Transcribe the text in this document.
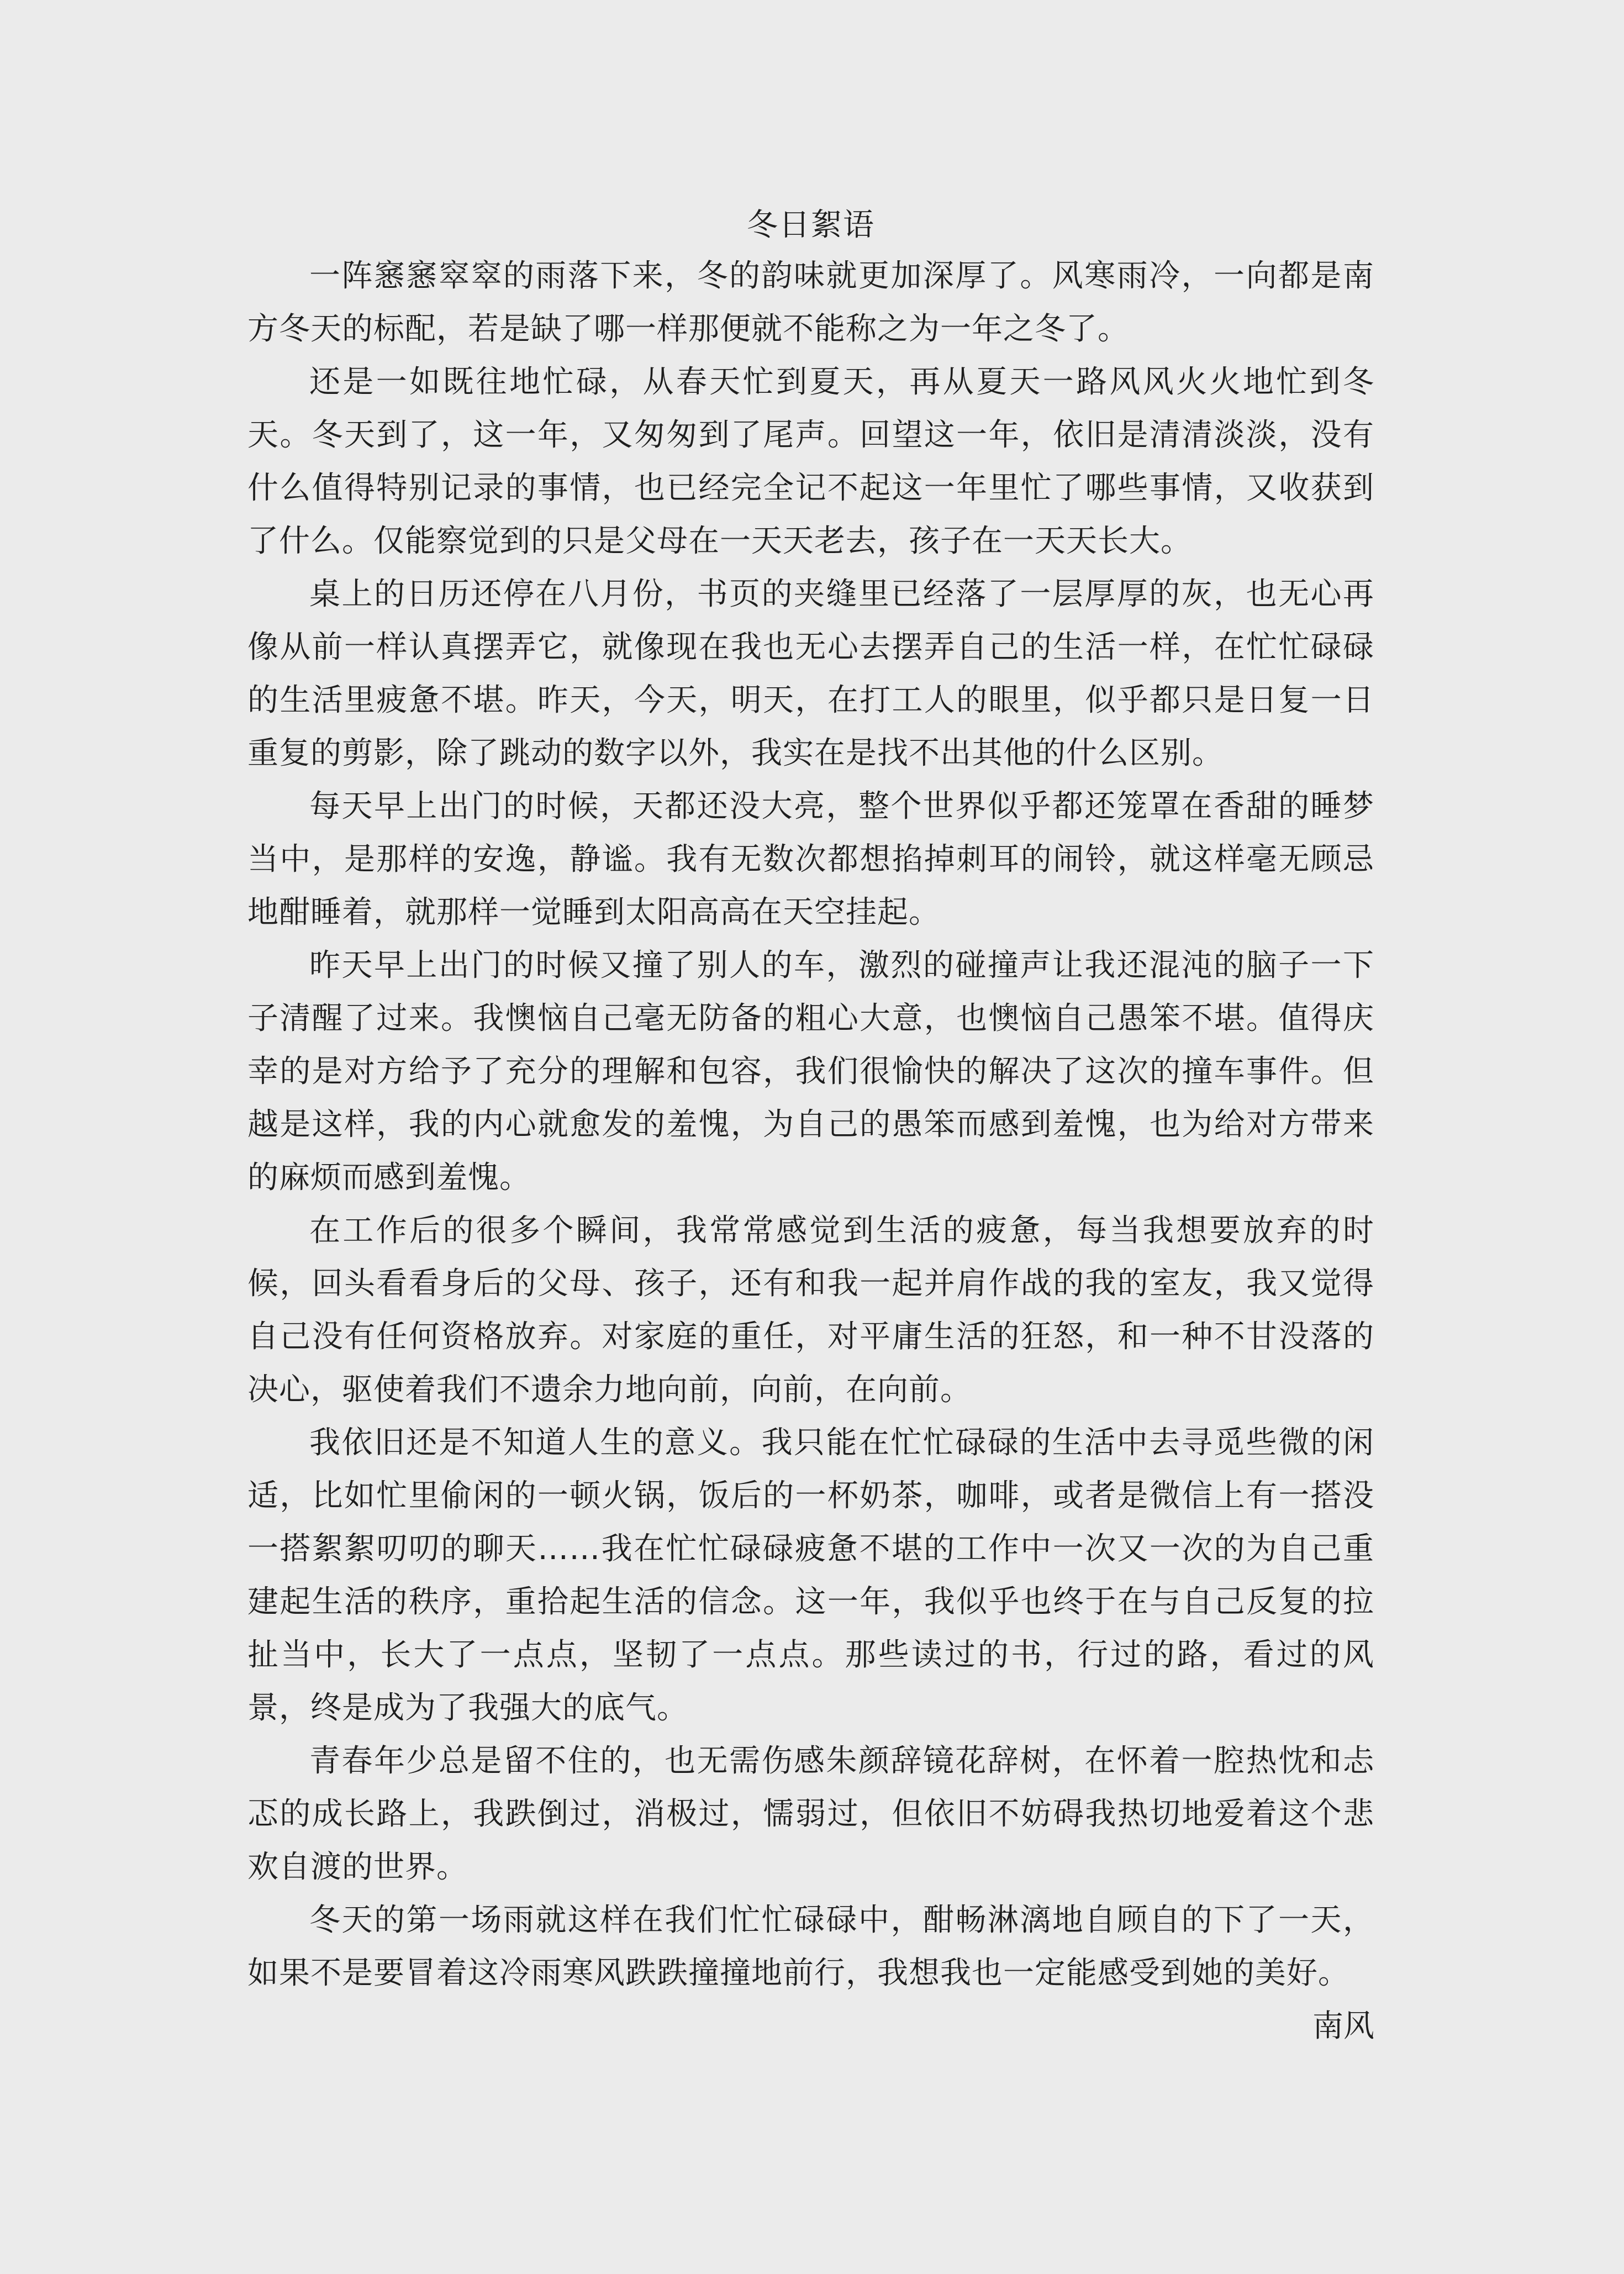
冬日絮语

一阵窸窸窣窣的雨落下来，冬的韵味就更加深厚了。风寒雨冷，一向都是南方冬天的标配，若是缺了哪一样那便就不能称之为一年之冬了。

还是一如既往地忙碌，从春天忙到夏天，再从夏天一路风风火火地忙到冬天。冬天到了，这一年，又匆匆到了尾声。回望这一年，依旧是清清淡淡，没有什么值得特别记录的事情，也已经完全记不起这一年里忙了哪些事情，又收获到了什么。仅能察觉到的只是父母在一天天老去，孩子在一天天长大。

桌上的日历还停在八月份，书页的夹缝里已经落了一层厚厚的灰，也无心再像从前一样认真摆弄它，就像现在我也无心去摆弄自己的生活一样，在忙忙碌碌的生活里疲惫不堪。昨天，今天，明天，在打工人的眼里，似乎都只是日复一日重复的剪影，除了跳动的数字以外，我实在是找不出其他的什么区别。

每天早上出门的时候，天都还没大亮，整个世界似乎都还笼罩在香甜的睡梦当中，是那样的安逸，静谧。我有无数次都想掐掉刺耳的闹铃，就这样毫无顾忌地酣睡着，就那样一觉睡到太阳高高在天空挂起。

昨天早上出门的时候又撞了别人的车，激烈的碰撞声让我还混沌的脑子一下子清醒了过来。我懊恼自己毫无防备的粗心大意，也懊恼自己愚笨不堪。值得庆幸的是对方给予了充分的理解和包容，我们很愉快的解决了这次的撞车事件。但越是这样，我的内心就愈发的羞愧，为自己的愚笨而感到羞愧，也为给对方带来的麻烦而感到羞愧。

在工作后的很多个瞬间，我常常感觉到生活的疲惫，每当我想要放弃的时候，回头看看身后的父母、孩子，还有和我一起并肩作战的我的室友，我又觉得自己没有任何资格放弃。对家庭的重任，对平庸生活的狂怒，和一种不甘没落的决心，驱使着我们不遗余力地向前，向前，在向前。

我依旧还是不知道人生的意义。我只能在忙忙碌碌的生活中去寻觅些微的闲适，比如忙里偷闲的一顿火锅，饭后的一杯奶茶，咖啡，或者是微信上有一搭没一搭絮絮叨叨的聊天……我在忙忙碌碌疲惫不堪的工作中一次又一次的为自己重建起生活的秩序，重拾起生活的信念。这一年，我似乎也终于在与自己反复的拉扯当中，长大了一点点，坚韧了一点点。那些读过的书，行过的路，看过的风景，终是成为了我强大的底气。

青春年少总是留不住的，也无需伤感朱颜辞镜花辞树，在怀着一腔热忱和忐忑的成长路上，我跌倒过，消极过，懦弱过，但依旧不妨碍我热切地爱着这个悲欢自渡的世界。

冬天的第一场雨就这样在我们忙忙碌碌中，酣畅淋漓地自顾自的下了一天，如果不是要冒着这冷雨寒风跌跌撞撞地前行，我想我也一定能感受到她的美好。

南风
